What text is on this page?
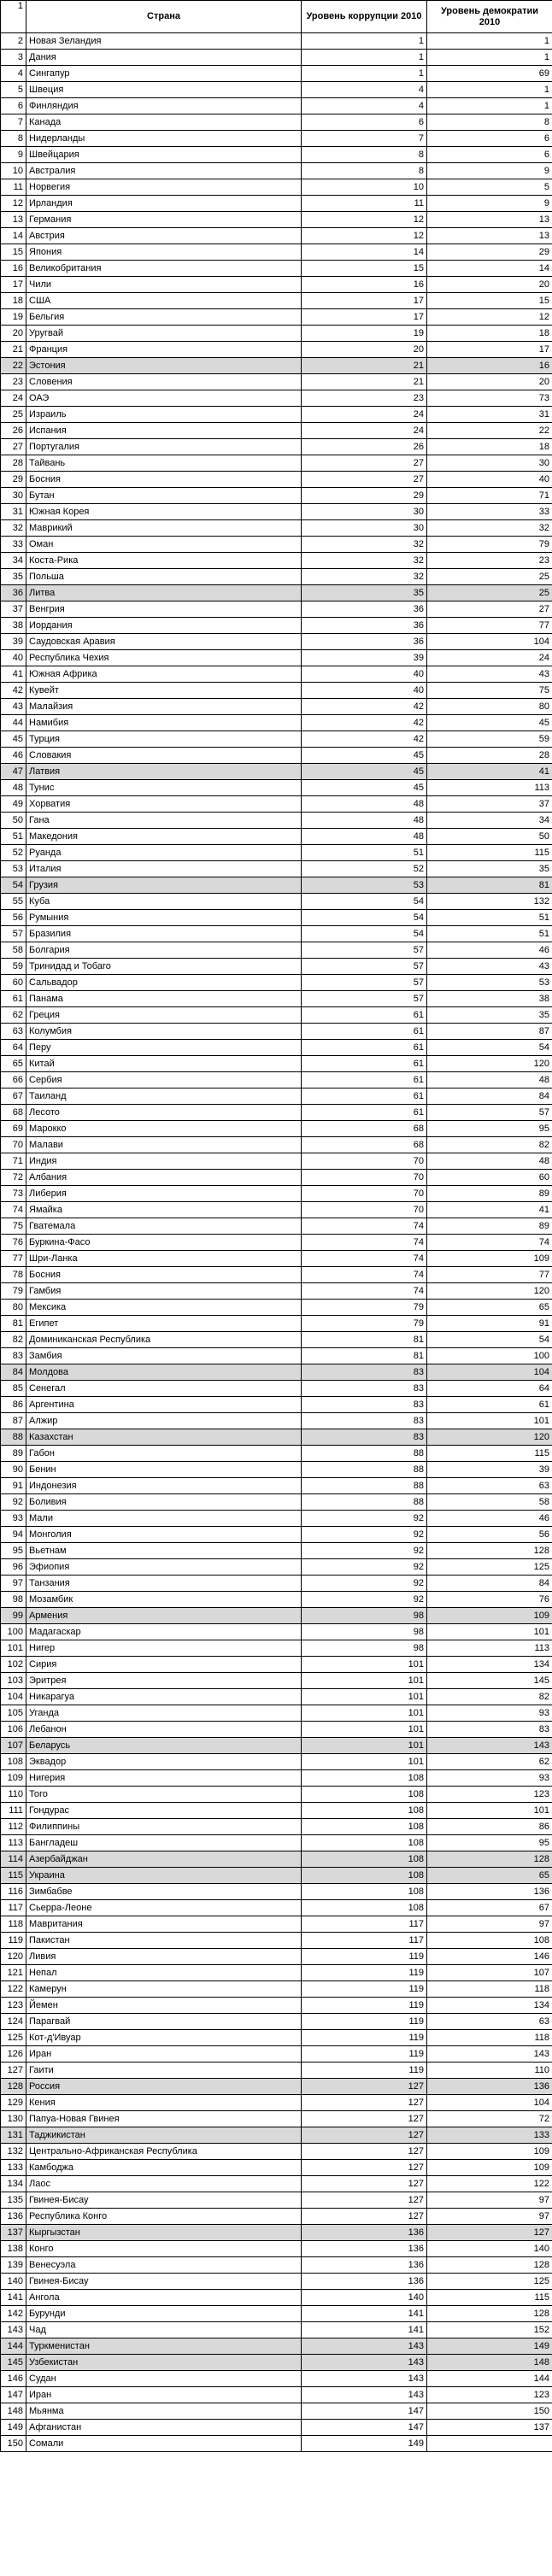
1	Страна	Уровень коррупции 2010	Уровень демократии 2010
2	Новая Зеландия	1	1
3	Дания	1	1
4	Сингапур	1	69
5	Швеция	4	1
6	Финляндия	4	1
7	Канада	6	8
8	Нидерланды	7	6
9	Швейцария	8	6
10	Австралия	8	9
11	Норвегия	10	5
12	Ирландия	11	9
13	Германия	12	13
14	Австрия	12	13
15	Япония	14	29
16	Великобритания	15	14
17	Чили	16	20
18	США	17	15
19	Бельгия	17	12
20	Уругвай	19	18
21	Франция	20	17
22	Эстония	21	16
23	Словения	21	20
24	ОАЭ	23	73
25	Израиль	24	31
26	Испания	24	22
27	Португалия	26	18
28	Тайвань	27	30
29	Босния	27	40
30	Бутан	29	71
31	Южная Корея	30	33
32	Маврикий	30	32
33	Оман	32	79
34	Коста-Рика	32	23
35	Польша	32	25
36	Литва	35	25
37	Венгрия	36	27
38	Иордания	36	77
39	Саудовская Аравия	36	104
40	Республика Чехия	39	24
41	Южная Африка	40	43
42	Кувейт	40	75
43	Малайзия	42	80
44	Намибия	42	45
45	Турция	42	59
46	Словакия	45	28
47	Латвия	45	41
48	Тунис	45	113
49	Хорватия	48	37
50	Гана	48	34
51	Македония	48	50
52	Руанда	51	115
53	Италия	52	35
54	Грузия	53	81
55	Куба	54	132
56	Румыния	54	51
57	Бразилия	54	51
58	Болгария	57	46
59	Тринидад и Тобаго	57	43
60	Сальвадор	57	53
61	Панама	57	38
62	Греция	61	35
63	Колумбия	61	87
64	Перу	61	54
65	Китай	61	120
66	Сербия	61	48
67	Таиланд	61	84
68	Лесото	61	57
69	Марокко	68	95
70	Малави	68	82
71	Индия	70	48
72	Албания	70	60
73	Либерия	70	89
74	Ямайка	70	41
75	Гватемала	74	89
76	Буркина-Фасо	74	74
77	Шри-Ланка	74	109
78	Босния	74	77
79	Гамбия	74	120
80	Мексика	79	65
81	Египет	79	91
82	Доминиканская Республика	81	54
83	Замбия	81	100
84	Молдова	83	104
85	Сенегал	83	64
86	Аргентина	83	61
87	Алжир	83	101
88	Казахстан	83	120
89	Габон	88	115
90	Бенин	88	39
91	Индонезия	88	63
92	Боливия	88	58
93	Мали	92	46
94	Монголия	92	56
95	Вьетнам	92	128
96	Эфиопия	92	125
97	Танзания	92	84
98	Мозамбик	92	76
99	Армения	98	109
100	Мадагаскар	98	101
101	Нигер	98	113
102	Сирия	101	134
103	Эритрея	101	145
104	Никарагуа	101	82
105	Уганда	101	93
106	Лебанон	101	83
107	Беларусь	101	143
108	Эквадор	101	62
109	Нигерия	108	93
110	Того	108	123
111	Гондурас	108	101
112	Филиппины	108	86
113	Бангладеш	108	95
114	Азербайджан	108	128
115	Украина	108	65
116	Зимбабве	108	136
117	Сьерра-Леоне	108	67
118	Мавритания	117	97
119	Пакистан	117	108
120	Ливия	119	146
121	Непал	119	107
122	Камерун	119	118
123	Йемен	119	134
124	Парагвай	119	63
125	Кот-д'Ивуар	119	118
126	Иран	119	143
127	Гаити	119	110
128	Россия	127	136
129	Кения	127	104
130	Папуа-Новая Гвинея	127	72
131	Таджикистан	127	133
132	Центрально-Африканская Республика	127	109
133	Камбоджа	127	109
134	Лаос	127	122
135	Гвинея-Бисау	127	97
136	Республика Конго	127	97
137	Кыргызстан	136	127
138	Конго	136	140
139	Венесуэла	136	128
140	Гвинея-Бисау	136	125
141	Ангола	140	115
142	Бурунди	141	128
143	Чад	141	152
144	Туркменистан	143	149
145	Узбекистан	143	148
146	Судан	143	144
147	Иран	143	123
148	Мьянма	147	150
149	Афганистан	147	137
150	Сомали	149	
